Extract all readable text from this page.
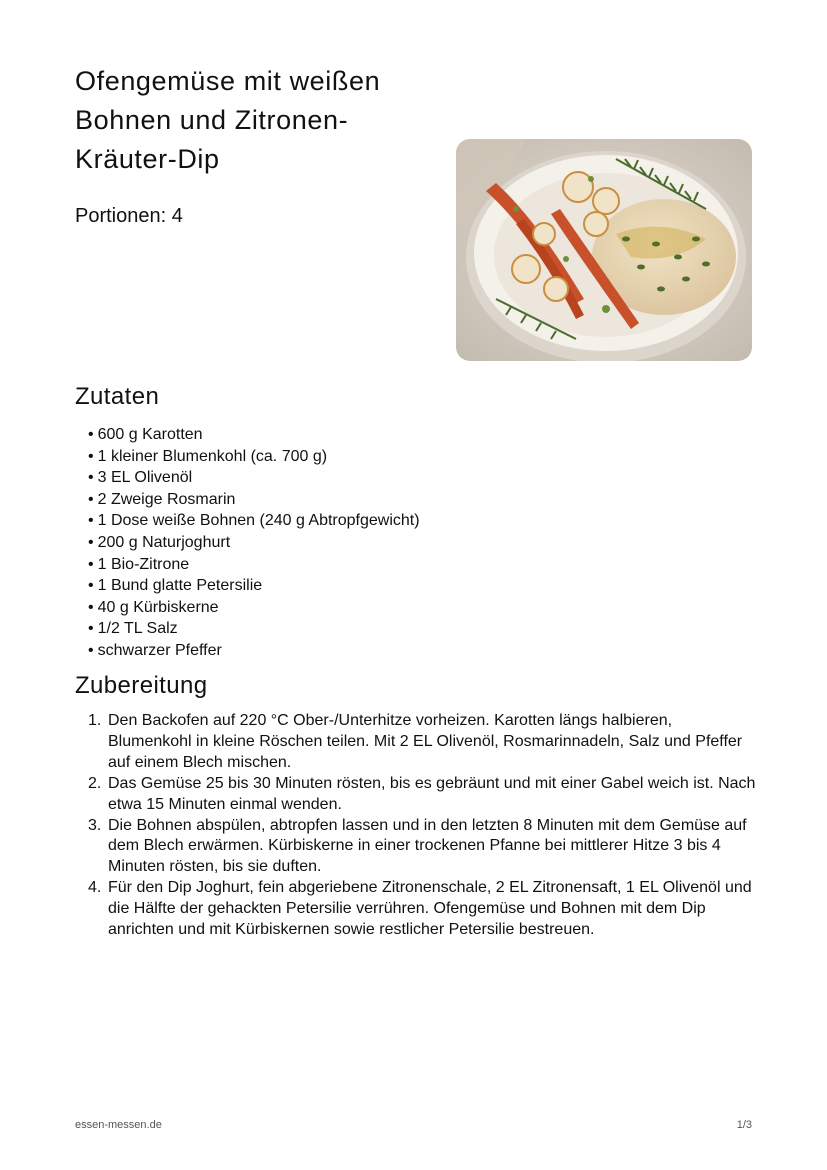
Ofengemüse mit weißen Bohnen und Zitronen-Kräuter-Dip
Portionen: 4
Zutaten
• 600 g Karotten
• 1 kleiner Blumenkohl (ca. 700 g)
• 3 EL Olivenöl
• 2 Zweige Rosmarin
• 1 Dose weiße Bohnen (240 g Abtropfgewicht)
• 200 g Naturjoghurt
• 1 Bio-Zitrone
• 1 Bund glatte Petersilie
• 40 g Kürbiskerne
• 1/2 TL Salz
• schwarzer Pfeffer
Zubereitung
Den Backofen auf 220 °C Ober-/Unterhitze vorheizen. Karotten längs halbieren, Blumenkohl in kleine Röschen teilen. Mit 2 EL Olivenöl, Rosmarinnadeln, Salz und Pfeffer auf einem Blech mischen.
Das Gemüse 25 bis 30 Minuten rösten, bis es gebräunt und mit einer Gabel weich ist. Nach etwa 15 Minuten einmal wenden.
Die Bohnen abspülen, abtropfen lassen und in den letzten 8 Minuten mit dem Gemüse auf dem Blech erwärmen. Kürbiskerne in einer trockenen Pfanne bei mittlerer Hitze 3 bis 4 Minuten rösten, bis sie duften.
Für den Dip Joghurt, fein abgeriebene Zitronenschale, 2 EL Zitronensaft, 1 EL Olivenöl und die Hälfte der gehackten Petersilie verrühren. Ofengemüse und Bohnen mit dem Dip anrichten und mit Kürbiskernen sowie restlicher Petersilie bestreuen.
essen-messen.de	1/3
